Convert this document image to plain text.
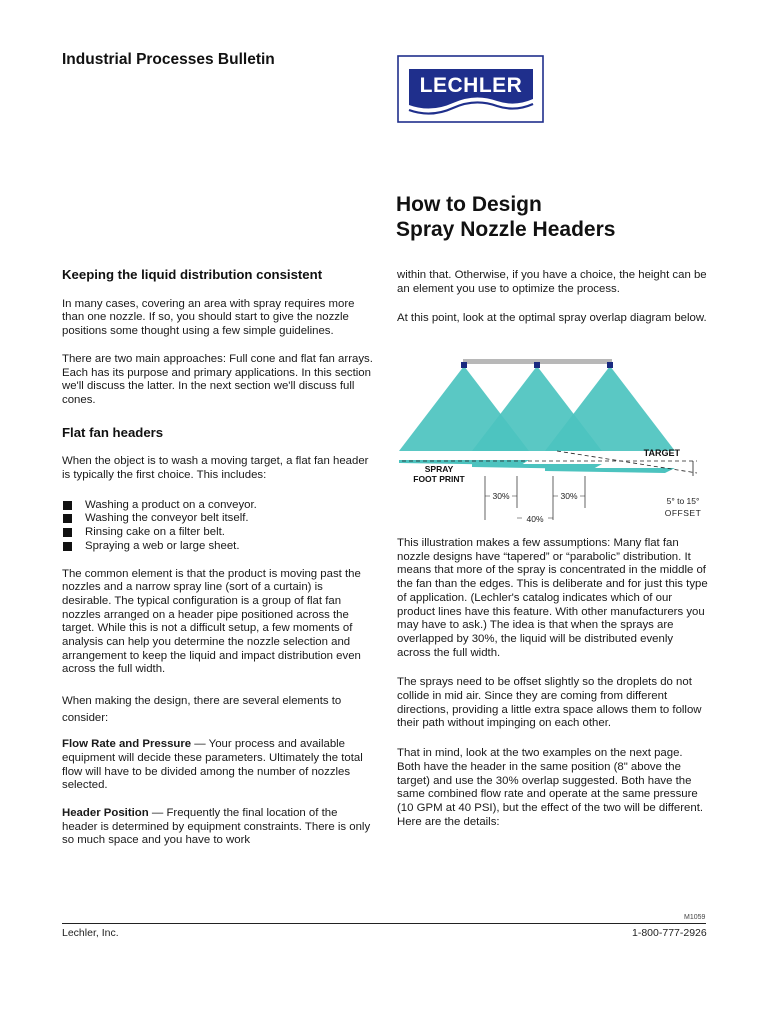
Industrial Processes Bulletin
LECHLER
How to Design
Spray Nozzle Headers
Keeping the liquid distribution consistent

In many cases, covering an area with spray requires more than one nozzle. If so, you should start to give the nozzle positions some thought using a few simple guidelines.

There are two main approaches: Full cone and flat fan arrays. Each has its purpose and primary applications. In this section we'll discuss the latter. In the next section we'll discuss full cones.

Flat fan headers

When the object is to wash a moving target, a flat fan header is typically the first choice. This includes:

Washing a product on a conveyor.
Washing the conveyor belt itself.
Rinsing cake on a filter belt.
Spraying a web or large sheet.

The common element is that the product is moving past the nozzles and a narrow spray line (sort of a curtain) is desirable. The typical configuration is a group of flat fan nozzles arranged on a header pipe positioned across the target. While this is not a difficult setup, a few moments of analysis can help you determine the nozzle selection and arrangement to keep the liquid and impact distribution even across the full width.

When making the design, there are several elements to consider:

Flow Rate and Pressure — Your process and available equipment will decide these parameters. Ultimately the total flow will have to be divided among the number of nozzles selected.

Header Position — Frequently the final location of the header is determined by equipment constraints. There is only so much space and you have to work

within that. Otherwise, if you have a choice, the height can be an element you use to optimize the process.

At this point, look at the optimal spray overlap diagram below.

TARGET
SPRAY
FOOT PRINT
30%	30%
40%
5° to 15°
OFFSET

This illustration makes a few assumptions: Many flat fan nozzle designs have “tapered” or “parabolic” distribution. It means that more of the spray is concentrated in the middle of the fan than the edges. This is deliberate and for just this type of application. (Lechler's catalog indicates which of our product lines have this feature. With other manufacturers you may have to ask.) The idea is that when the sprays are overlapped by 30%, the liquid will be distributed evenly across the full width.

The sprays need to be offset slightly so the droplets do not collide in mid air. Since they are coming from different directions, providing a little extra space allows them to follow their path without impinging on each other.

That in mind, look at the two examples on the next page. Both have the header in the same position (8" above the target) and use the 30% overlap suggested. Both have the same combined flow rate and operate at the same pressure (10 GPM at 40 PSI), but the effect of the two will be different. Here are the details:

M1059
Lechler, Inc.	1-800-777-2926
